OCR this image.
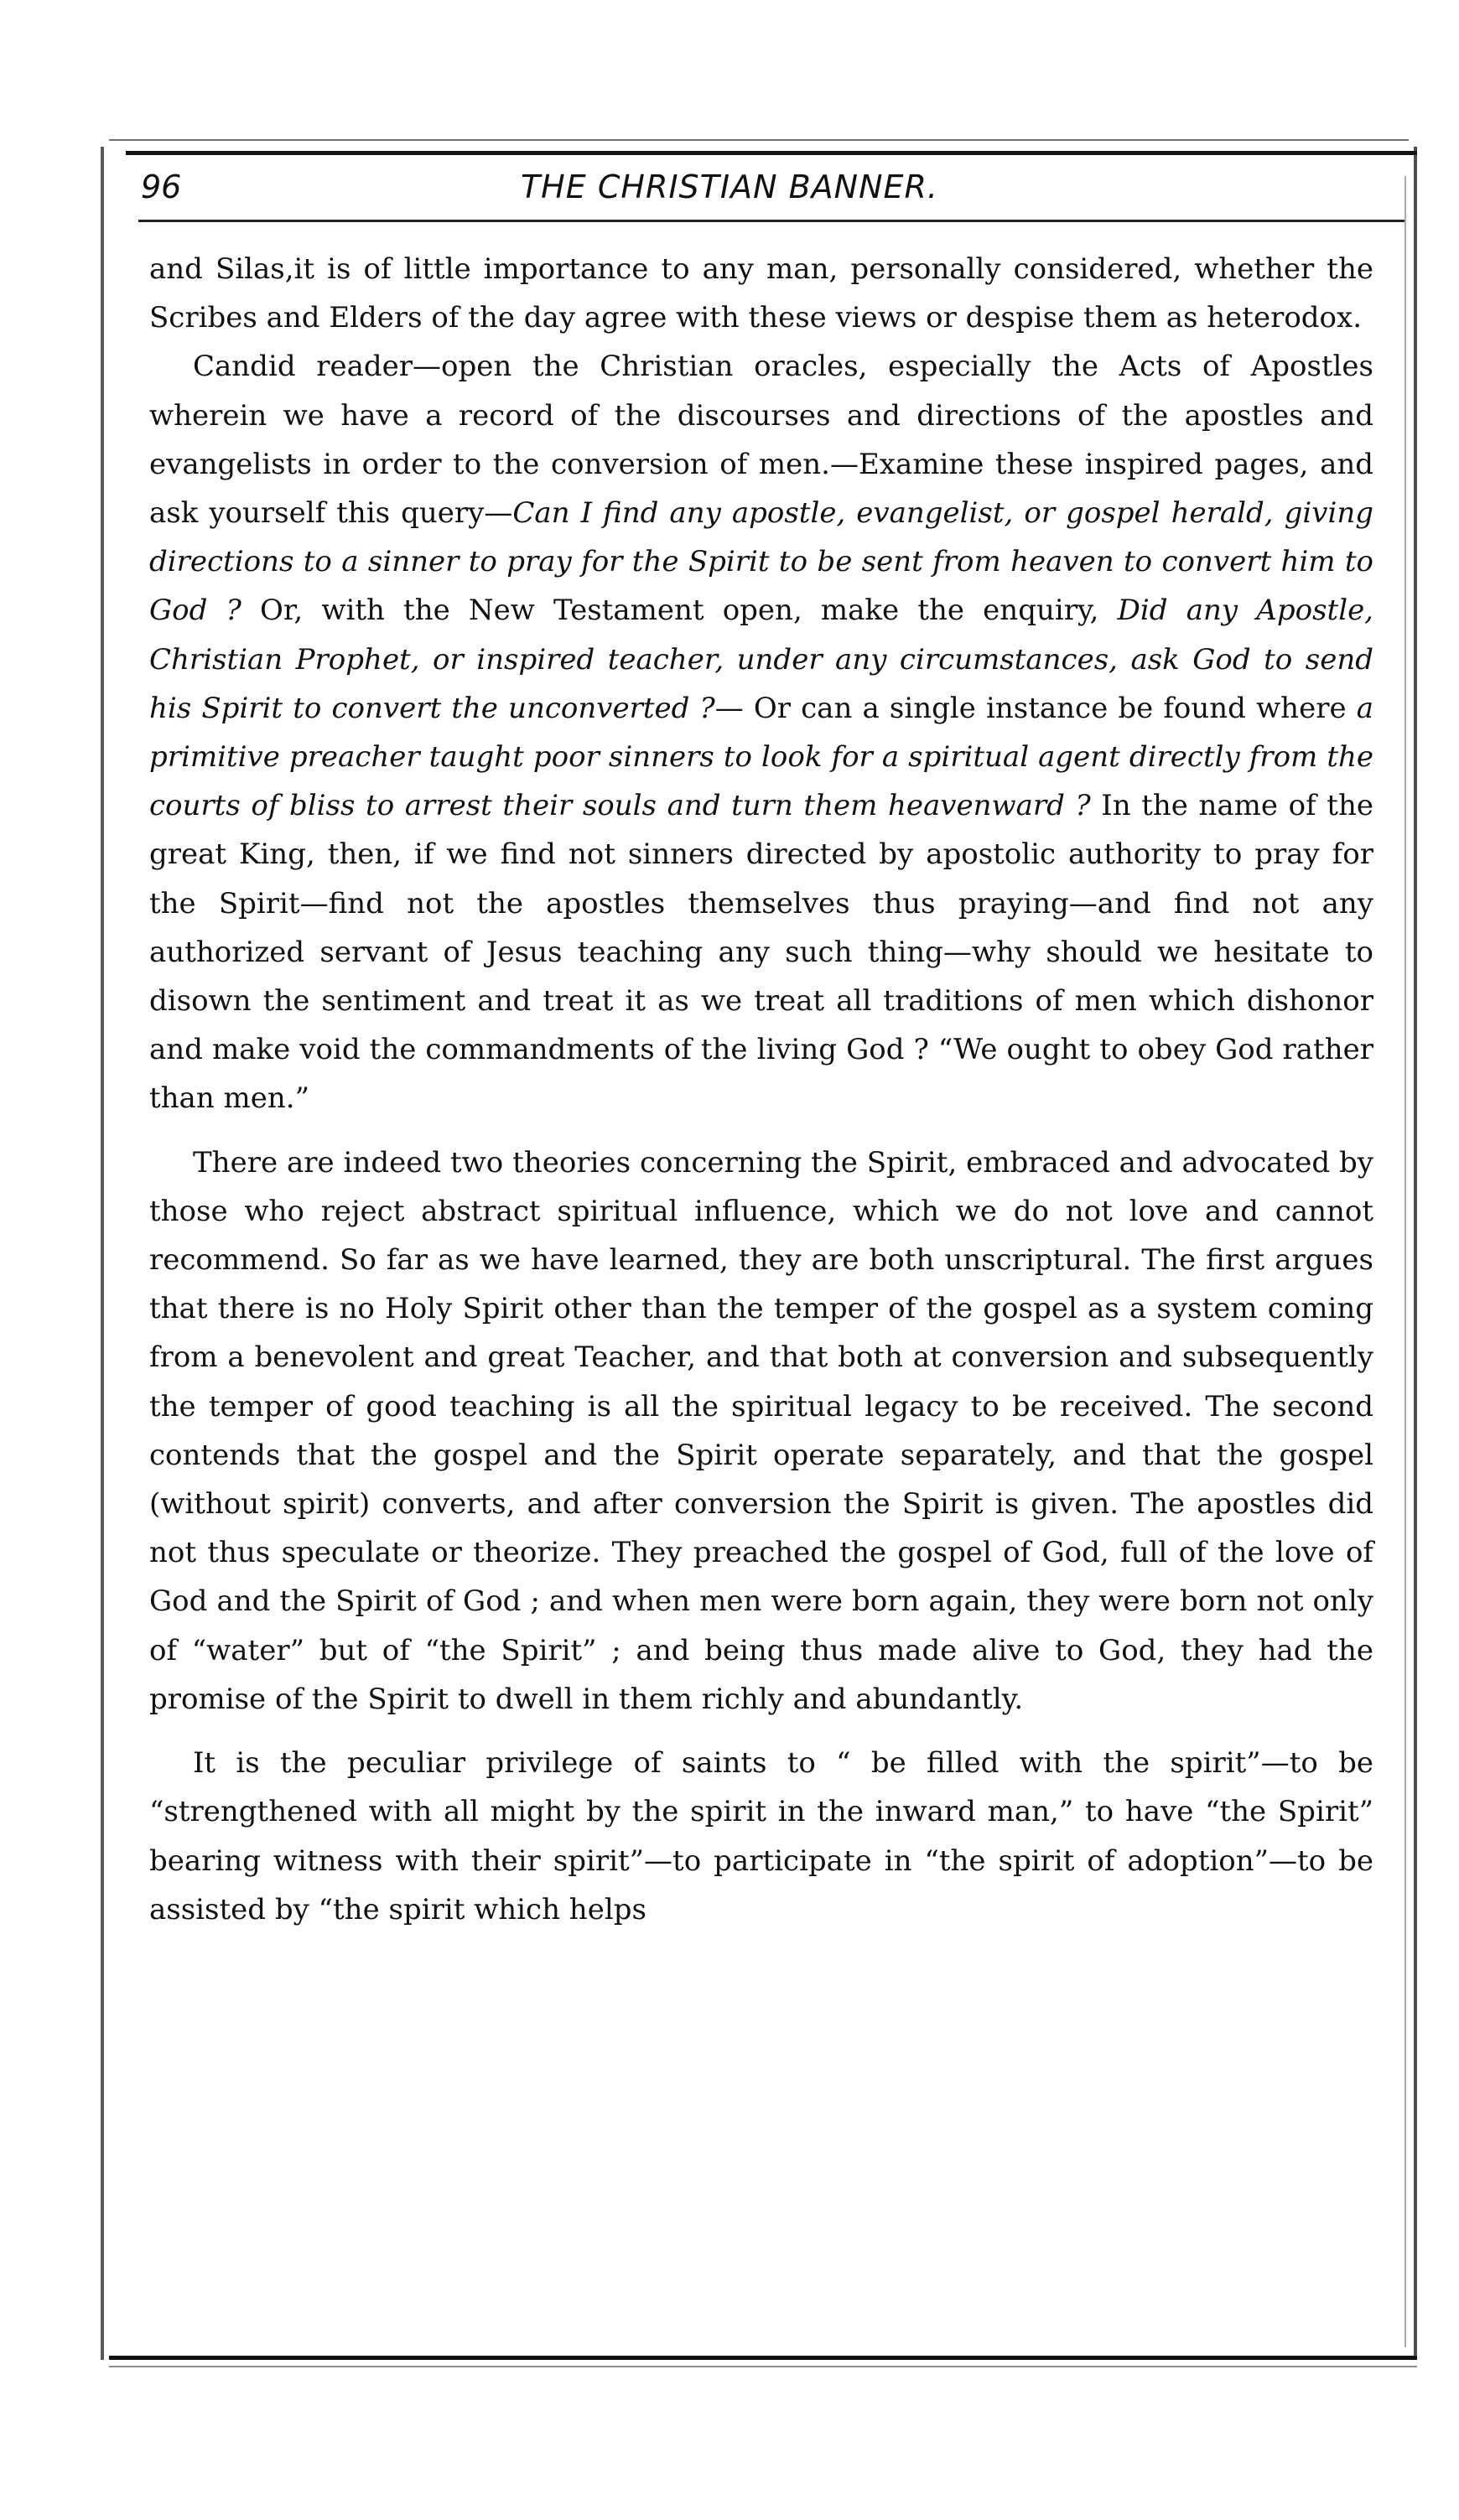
96	THE CHRISTIAN BANNER.

and Silas,it is of little importance to any man, personally considered, whether the Scribes and Elders of the day agree with these views or despise them as heterodox.

Candid reader—open the Christian oracles, especially the Acts of Apostles wherein we have a record of the discourses and directions of the apostles and evangelists in order to the conversion of men.—Examine these inspired pages, and ask yourself this query—Can I find any apostle, evangelist, or gospel herald, giving directions to a sinner to pray for the Spirit to be sent from heaven to convert him to God ? Or, with the New Testament open, make the enquiry, Did any Apostle, Christian Prophet, or inspired teacher, under any circumstances, ask God to send his Spirit to convert the unconverted ?— Or can a single instance be found where a primitive preacher taught poor sinners to look for a spiritual agent directly from the courts of bliss to arrest their souls and turn them heavenward ? In the name of the great King, then, if we find not sinners directed by apostolic authority to pray for the Spirit—find not the apostles themselves thus praying—and find not any authorized servant of Jesus teaching any such thing—why should we hesitate to disown the sentiment and treat it as we treat all traditions of men which dishonor and make void the commandments of the living God ? “We ought to obey God rather than men.”

There are indeed two theories concerning the Spirit, embraced and advocated by those who reject abstract spiritual influence, which we do not love and cannot recommend. So far as we have learned, they are both unscriptural. The first argues that there is no Holy Spirit other than the temper of the gospel as a system coming from a benevolent and great Teacher, and that both at conversion and subsequently the temper of good teaching is all the spiritual legacy to be received. The second contends that the gospel and the Spirit operate separately, and that the gospel (without spirit) converts, and after conversion the Spirit is given. The apostles did not thus speculate or theorize. They preached the gospel of God, full of the love of God and the Spirit of God ; and when men were born again, they were born not only of “water” but of “the Spirit” ; and being thus made alive to God, they had the promise of the Spirit to dwell in them richly and abundantly.

It is the peculiar privilege of saints to “ be filled with the spirit”—to be “strengthened with all might by the spirit in the inward man,” to have “the Spirit” bearing witness with their spirit”—to participate in “the spirit of adoption”—to be assisted by “the spirit which helps
